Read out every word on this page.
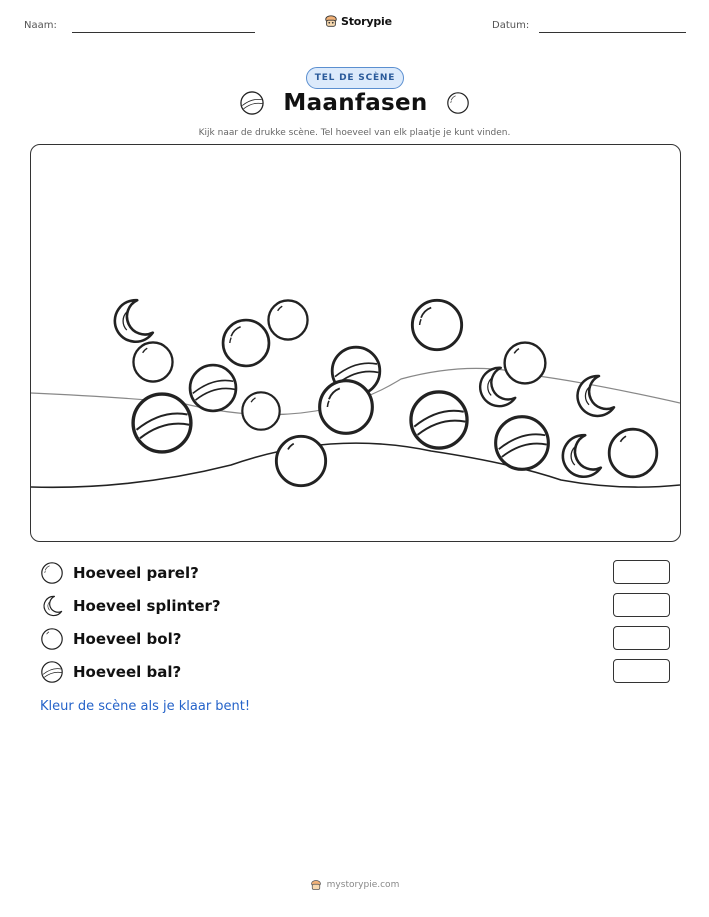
Naam:	Storypie	Datum:
TEL DE SCÈNE
Maanfasen
Kijk naar de drukke scène. Tel hoeveel van elk plaatje je kunt vinden.
Hoeveel parel?
Hoeveel splinter?
Hoeveel bol?
Hoeveel bal?
Kleur de scène als je klaar bent!
mystorypie.com
